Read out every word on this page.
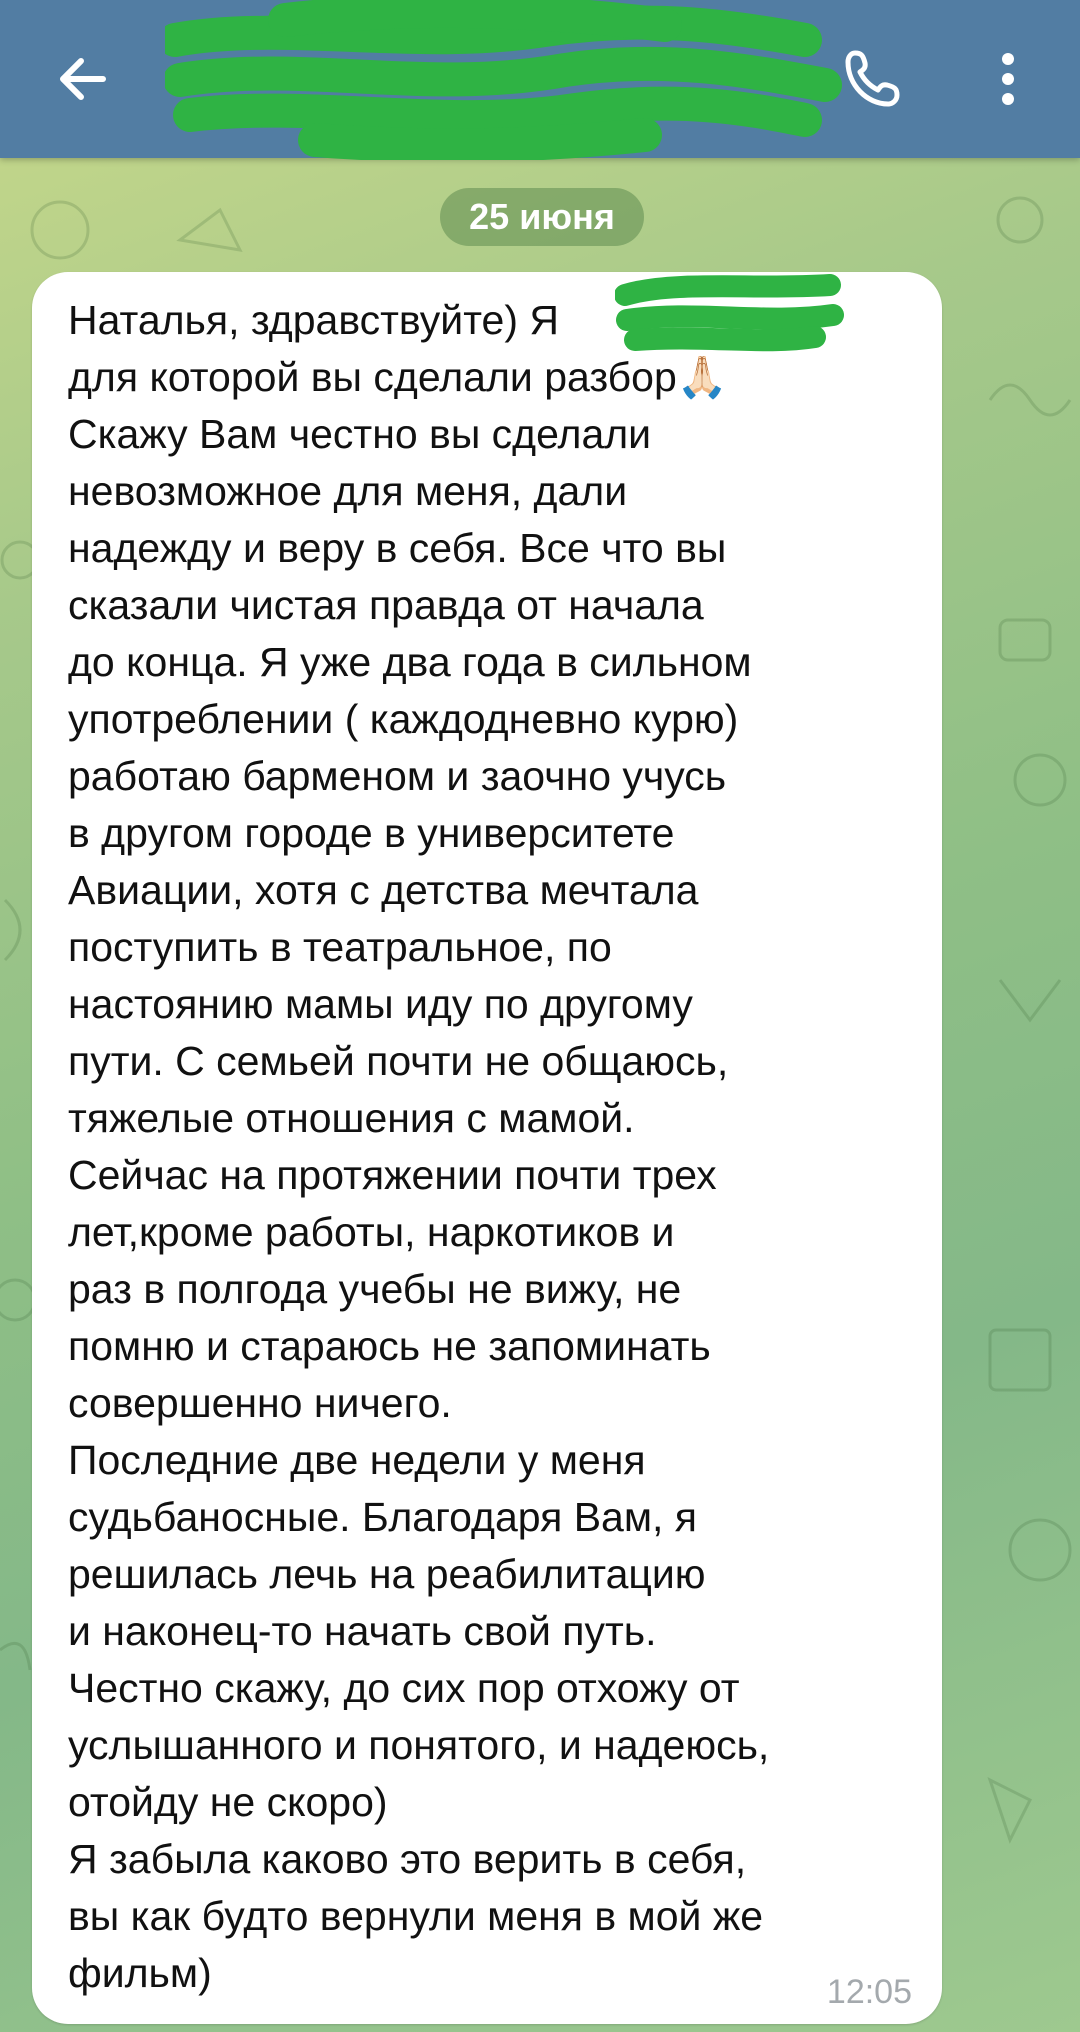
25 июня
Наталья, здравствуйте) Я                   ,
для которой вы сделали разбор🙏🏻
Скажу Вам честно вы сделали
невозможное для меня, дали
надежду и веру в себя. Все что вы
сказали чистая правда от начала
до конца. Я уже два года в сильном
употреблении ( каждодневно курю)
работаю барменом и заочно учусь
в другом городе в университете
Авиации, хотя с детства мечтала
поступить в театральное, по
настоянию мамы иду по другому
пути. С семьей почти не общаюсь,
тяжелые отношения с мамой.
Сейчас на протяжении почти трех
лет,кроме работы, наркотиков и
раз в полгода учебы не вижу, не
помню и стараюсь не запоминать
совершенно ничего.
Последние две недели у меня
судьбаносные. Благодаря Вам, я
решилась лечь на реабилитацию
и наконец-то начать свой путь.
Честно скажу, до сих пор отхожу от
услышанного и понятого, и надеюсь,
отойду не скоро)
Я забыла каково это верить в себя,
вы как будто вернули меня в мой же
фильм)	12:05
